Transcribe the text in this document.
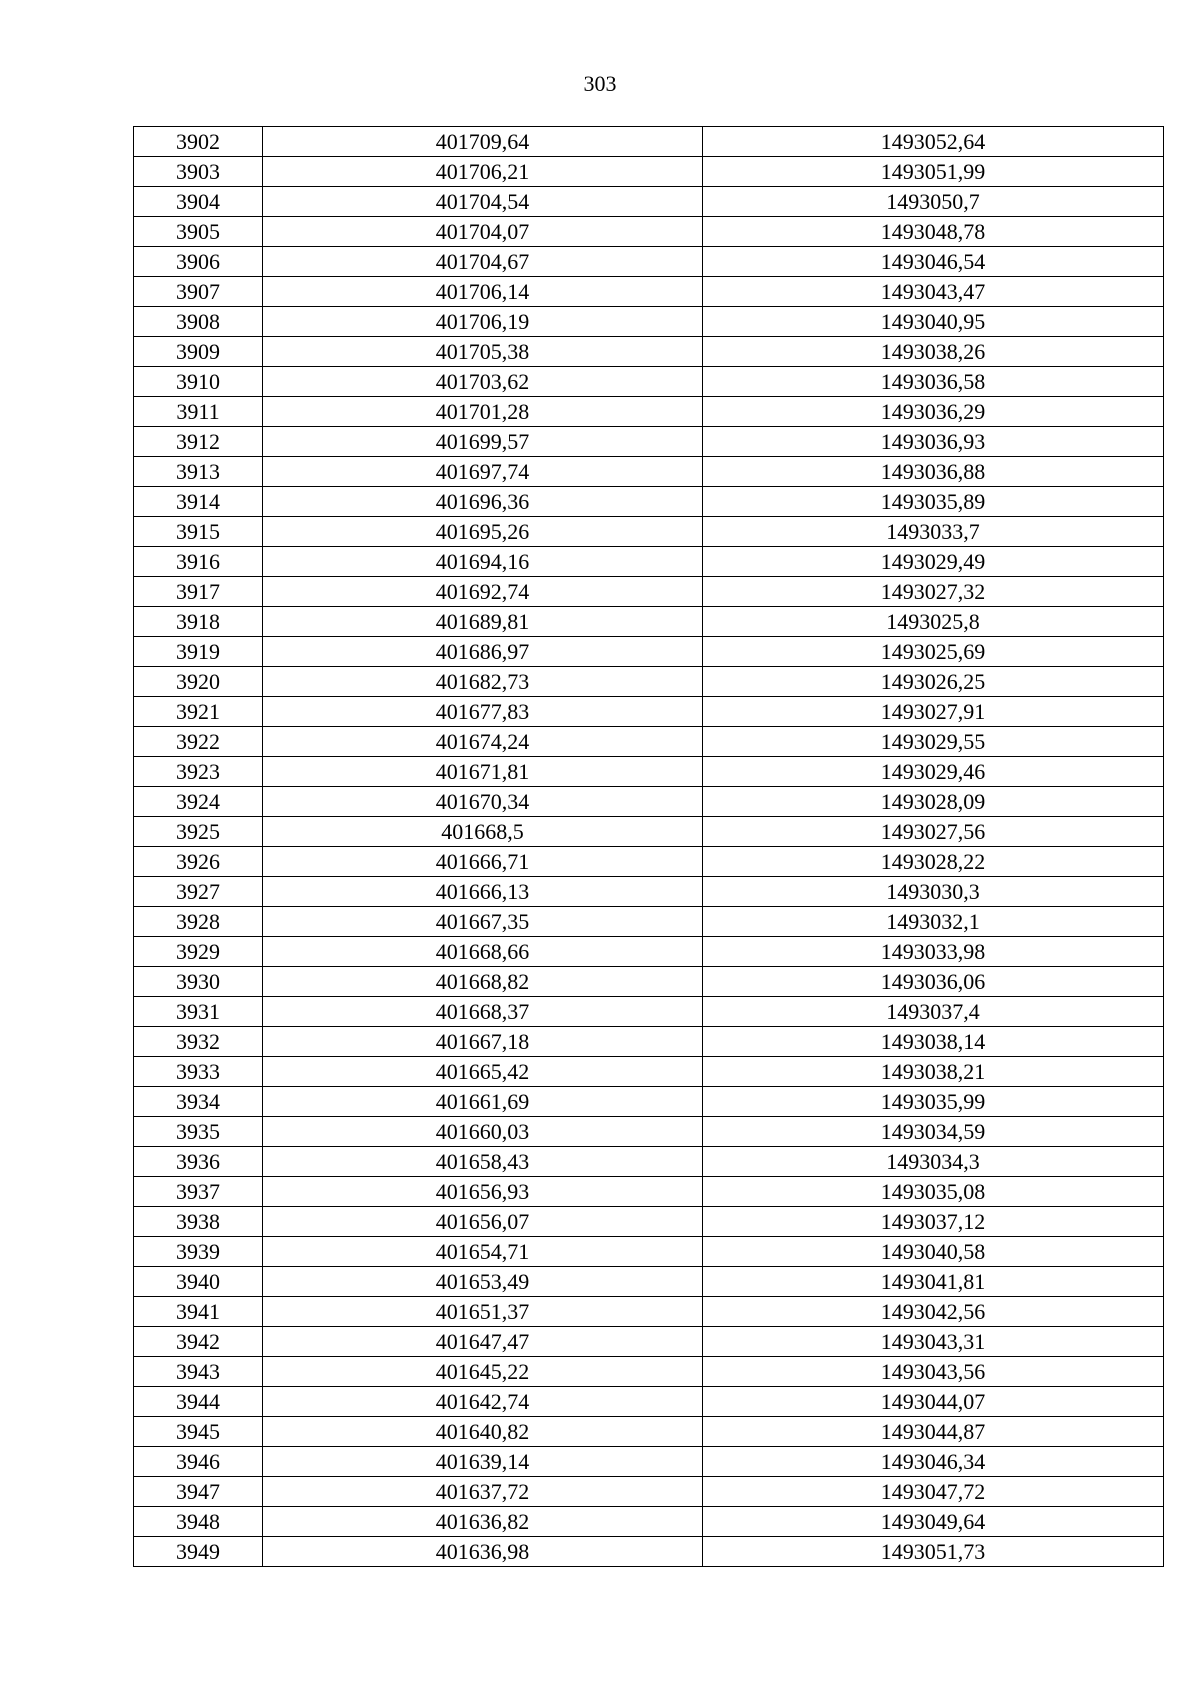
303
3902	401709,64	1493052,64
3903	401706,21	1493051,99
3904	401704,54	1493050,7
3905	401704,07	1493048,78
3906	401704,67	1493046,54
3907	401706,14	1493043,47
3908	401706,19	1493040,95
3909	401705,38	1493038,26
3910	401703,62	1493036,58
3911	401701,28	1493036,29
3912	401699,57	1493036,93
3913	401697,74	1493036,88
3914	401696,36	1493035,89
3915	401695,26	1493033,7
3916	401694,16	1493029,49
3917	401692,74	1493027,32
3918	401689,81	1493025,8
3919	401686,97	1493025,69
3920	401682,73	1493026,25
3921	401677,83	1493027,91
3922	401674,24	1493029,55
3923	401671,81	1493029,46
3924	401670,34	1493028,09
3925	401668,5	1493027,56
3926	401666,71	1493028,22
3927	401666,13	1493030,3
3928	401667,35	1493032,1
3929	401668,66	1493033,98
3930	401668,82	1493036,06
3931	401668,37	1493037,4
3932	401667,18	1493038,14
3933	401665,42	1493038,21
3934	401661,69	1493035,99
3935	401660,03	1493034,59
3936	401658,43	1493034,3
3937	401656,93	1493035,08
3938	401656,07	1493037,12
3939	401654,71	1493040,58
3940	401653,49	1493041,81
3941	401651,37	1493042,56
3942	401647,47	1493043,31
3943	401645,22	1493043,56
3944	401642,74	1493044,07
3945	401640,82	1493044,87
3946	401639,14	1493046,34
3947	401637,72	1493047,72
3948	401636,82	1493049,64
3949	401636,98	1493051,73
